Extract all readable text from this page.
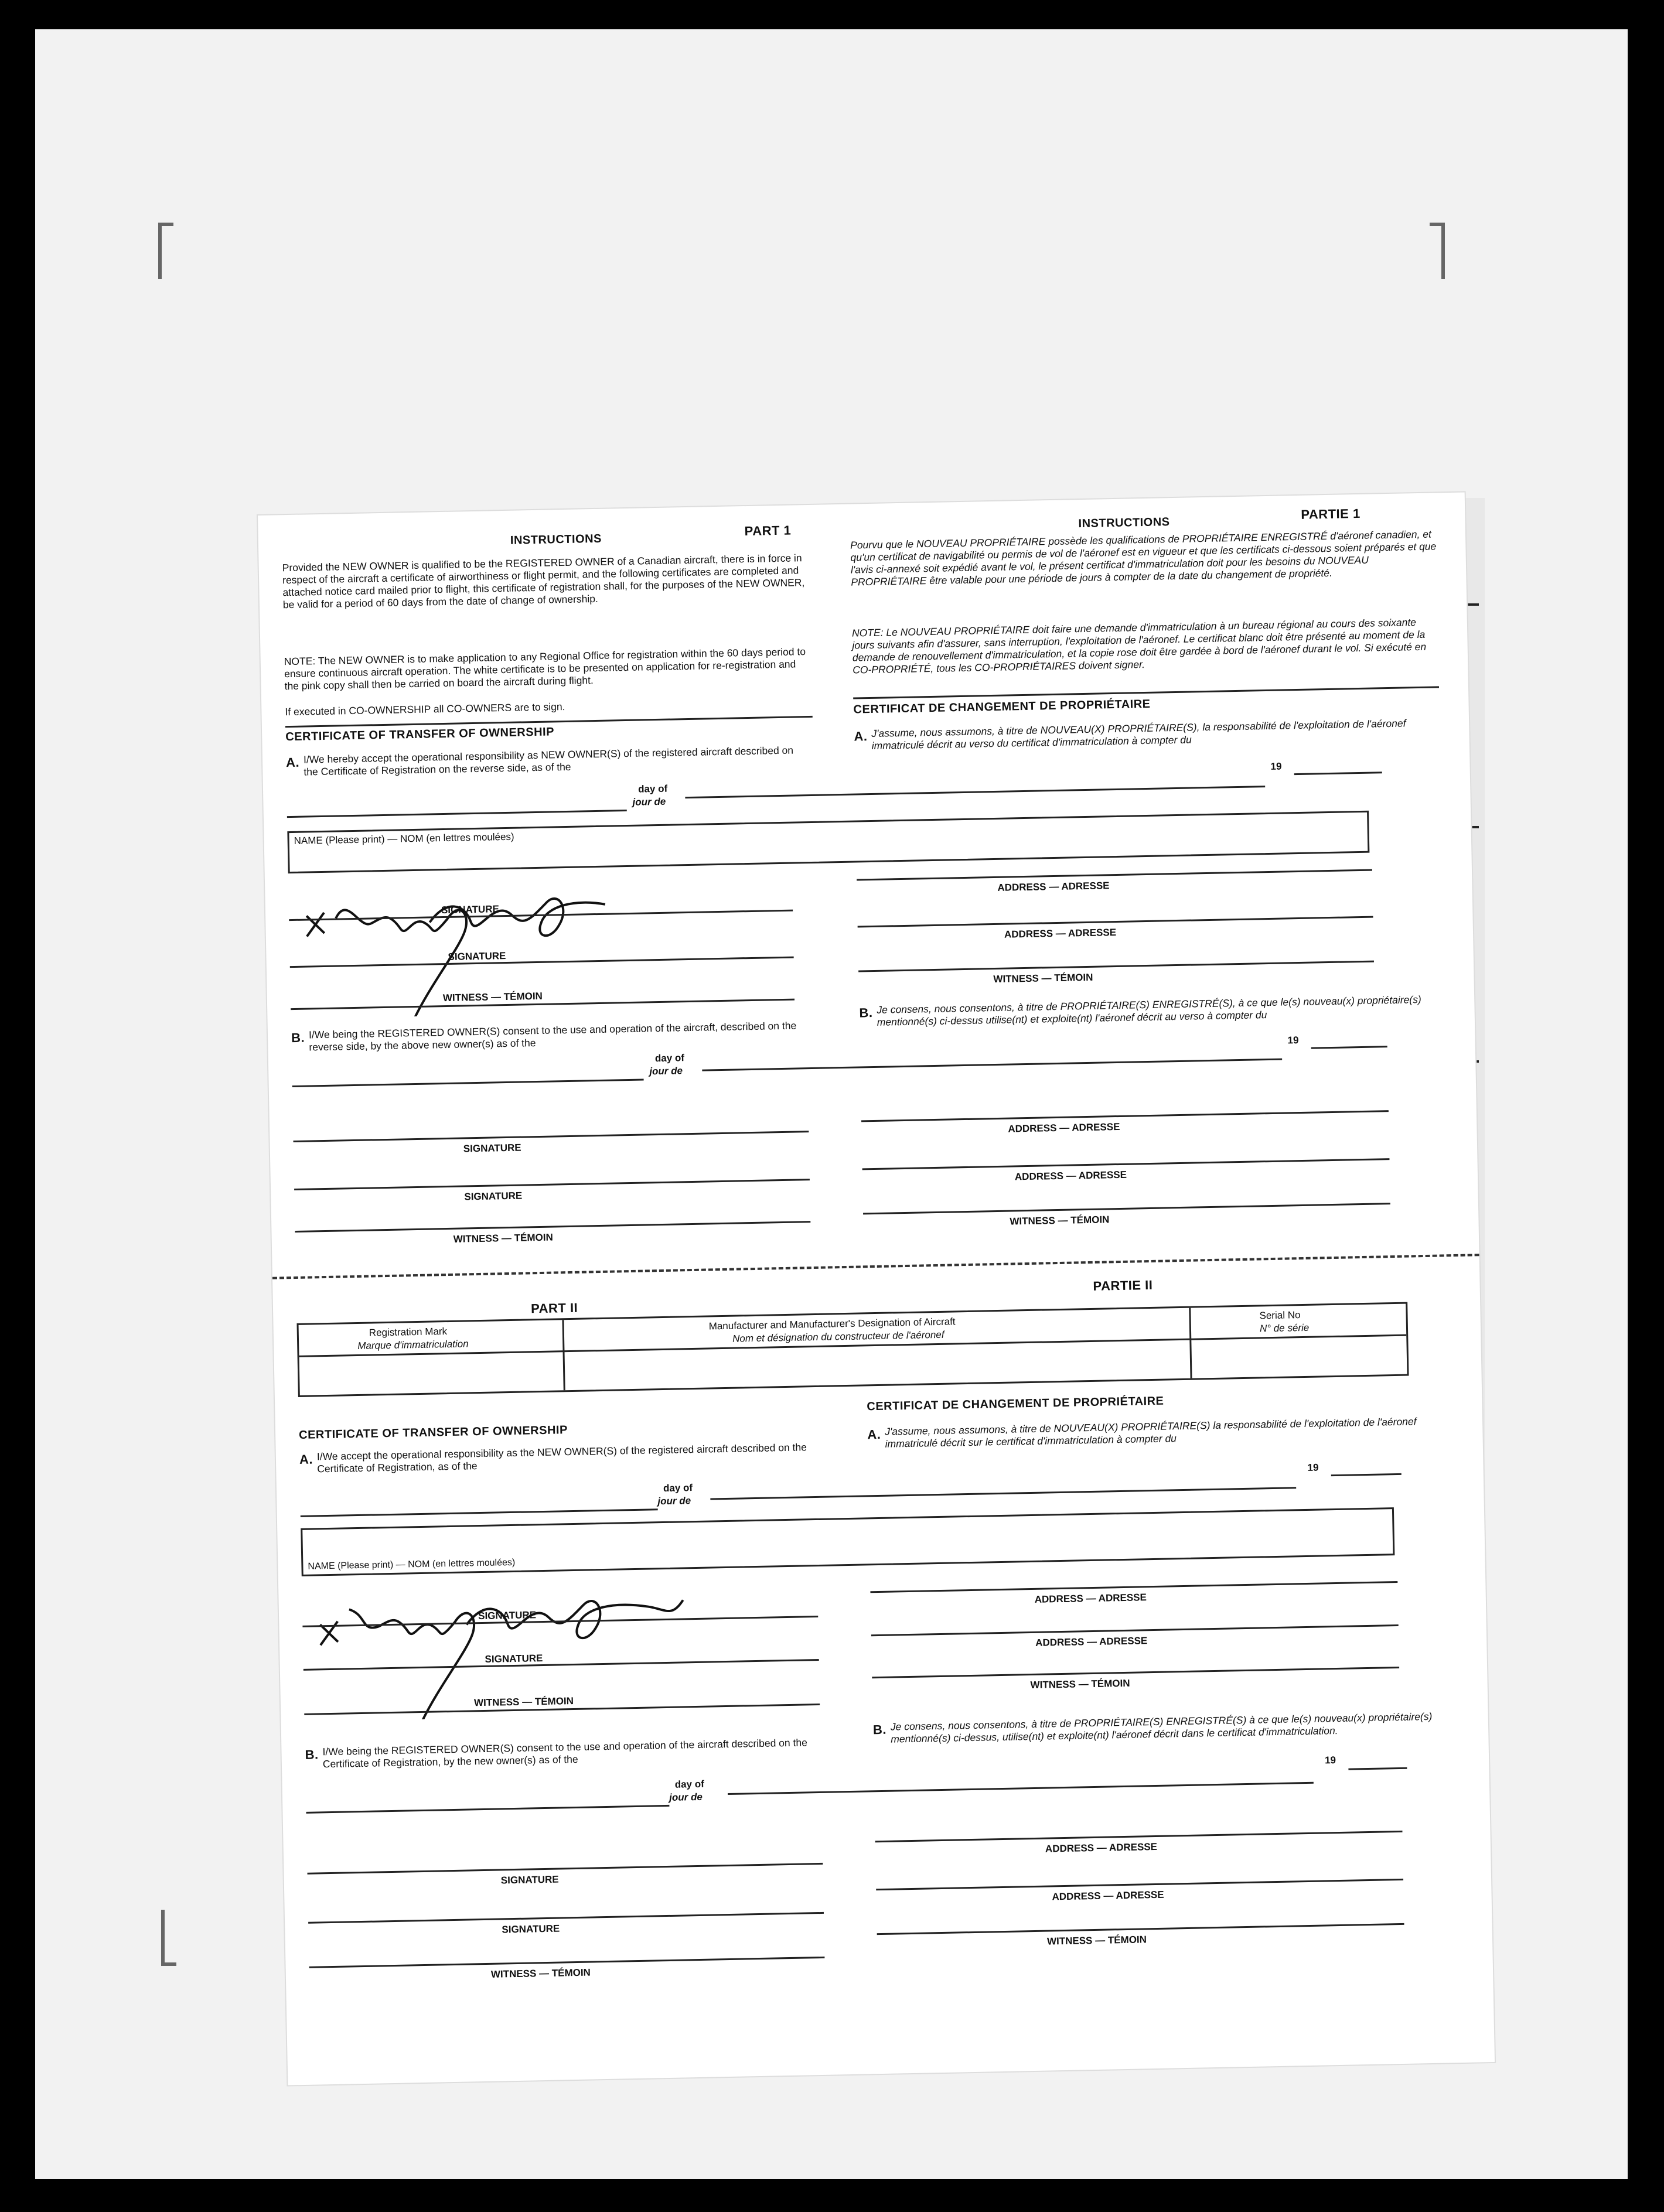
INSTRUCTIONS
PART 1	INSTRUCTIONS
PARTIE 1
Provided the NEW OWNER is qualified to be the REGISTERED OWNER of a Canadian aircraft, there is in force in respect of the aircraft a certificate of airworthiness or flight permit, and the following certificates are completed and attached notice card mailed prior to flight, this certificate of registration shall, for the purposes of the NEW OWNER, be valid for a period of 60 days from the date of change of ownership.
NOTE: The NEW OWNER is to make application to any Regional Office for registration within the 60 days period to ensure continuous aircraft operation. The white certificate is to be presented on application for re-registration and the pink copy shall then be carried on board the aircraft during flight.
If executed in CO-OWNERSHIP all CO-OWNERS are to sign.
Pourvu que le NOUVEAU PROPRIÉTAIRE possède les qualifications de PROPRIÉTAIRE ENREGISTRÉ d'aéronef canadien, et qu'un certificat de navigabilité ou permis de vol de l'aéronef est en vigueur et que les certificats ci-dessous soient préparés et que l'avis ci-annexé soit expédié avant le vol, le présent certificat d'immatriculation doit pour les besoins du NOUVEAU PROPRIÉTAIRE être valable pour une période de jours à compter de la date du changement de propriété.
NOTE: Le NOUVEAU PROPRIÉTAIRE doit faire une demande d'immatriculation à un bureau régional au cours des soixante jours suivants afin d'assurer, sans interruption, l'exploitation de l'aéronef. Le certificat blanc doit être présenté au moment de la demande de renouvellement d'immatriculation, et la copie rose doit être gardée à bord de l'aéronef durant le vol. Si exécuté en CO-PROPRIÉTÉ, tous les CO-PROPRIÉTAIRES doivent signer.
CERTIFICATE OF TRANSFER OF OWNERSHIP
CERTIFICAT DE CHANGEMENT DE PROPRIÉTAIRE
A. I/We hereby accept the operational responsibility as NEW OWNER(S) of the registered aircraft described on the Certificate of Registration on the reverse side, as of the
A. J'assume, nous assumons, à titre de NOUVEAU(X) PROPRIÉTAIRE(S), la responsabilité de l'exploitation de l'aéronef immatriculé décrit au verso du certificat d'immatriculation à compter du
day of
jour de
19
NAME (Please print) — NOM (en lettres moulées)
SIGNATURE
SIGNATURE
WITNESS — TÉMOIN
ADDRESS — ADRESSE
ADDRESS — ADRESSE
WITNESS — TÉMOIN
B. I/We being the REGISTERED OWNER(S) consent to the use and operation of the aircraft, described on the reverse side, by the above new owner(s) as of the
B. Je consens, nous consentons, à titre de PROPRIÉTAIRE(S) ENREGISTRÉ(S), à ce que le(s) nouveau(x) propriétaire(s) mentionné(s) ci-dessus utilise(nt) et exploite(nt) l'aéronef décrit au verso à compter du
day of
jour de
19
SIGNATURE
SIGNATURE
WITNESS — TÉMOIN
ADDRESS — ADRESSE
ADDRESS — ADRESSE
WITNESS — TÉMOIN
PART II
PARTIE II
Registration Mark
Marque d'immatriculation
Manufacturer and Manufacturer's Designation of Aircraft
Nom et désignation du constructeur de l'aéronef
Serial No
N° de série
CERTIFICATE OF TRANSFER OF OWNERSHIP
CERTIFICAT DE CHANGEMENT DE PROPRIÉTAIRE
A. I/We accept the operational responsibility as the NEW OWNER(S) of the registered aircraft described on the Certificate of Registration, as of the
A. J'assume, nous assumons, à titre de NOUVEAU(X) PROPRIÉTAIRE(S) la responsabilité de l'exploitation de l'aéronef immatriculé décrit sur le certificat d'immatriculation à compter du
day of
jour de
19
NAME (Please print) — NOM (en lettres moulées)
SIGNATURE
SIGNATURE
WITNESS — TÉMOIN
ADDRESS — ADRESSE
ADDRESS — ADRESSE
WITNESS — TÉMOIN
B. I/We being the REGISTERED OWNER(S) consent to the use and operation of the aircraft described on the Certificate of Registration, by the new owner(s) as of the
B. Je consens, nous consentons, à titre de PROPRIÉTAIRE(S) ENREGISTRÉ(S) à ce que le(s) nouveau(x) propriétaire(s) mentionné(s) ci-dessus, utilise(nt) et exploite(nt) l'aéronef décrit dans le certificat d'immatriculation.
day of
jour de
19
SIGNATURE
SIGNATURE
WITNESS — TÉMOIN
ADDRESS — ADRESSE
ADDRESS — ADRESSE
WITNESS — TÉMOIN
